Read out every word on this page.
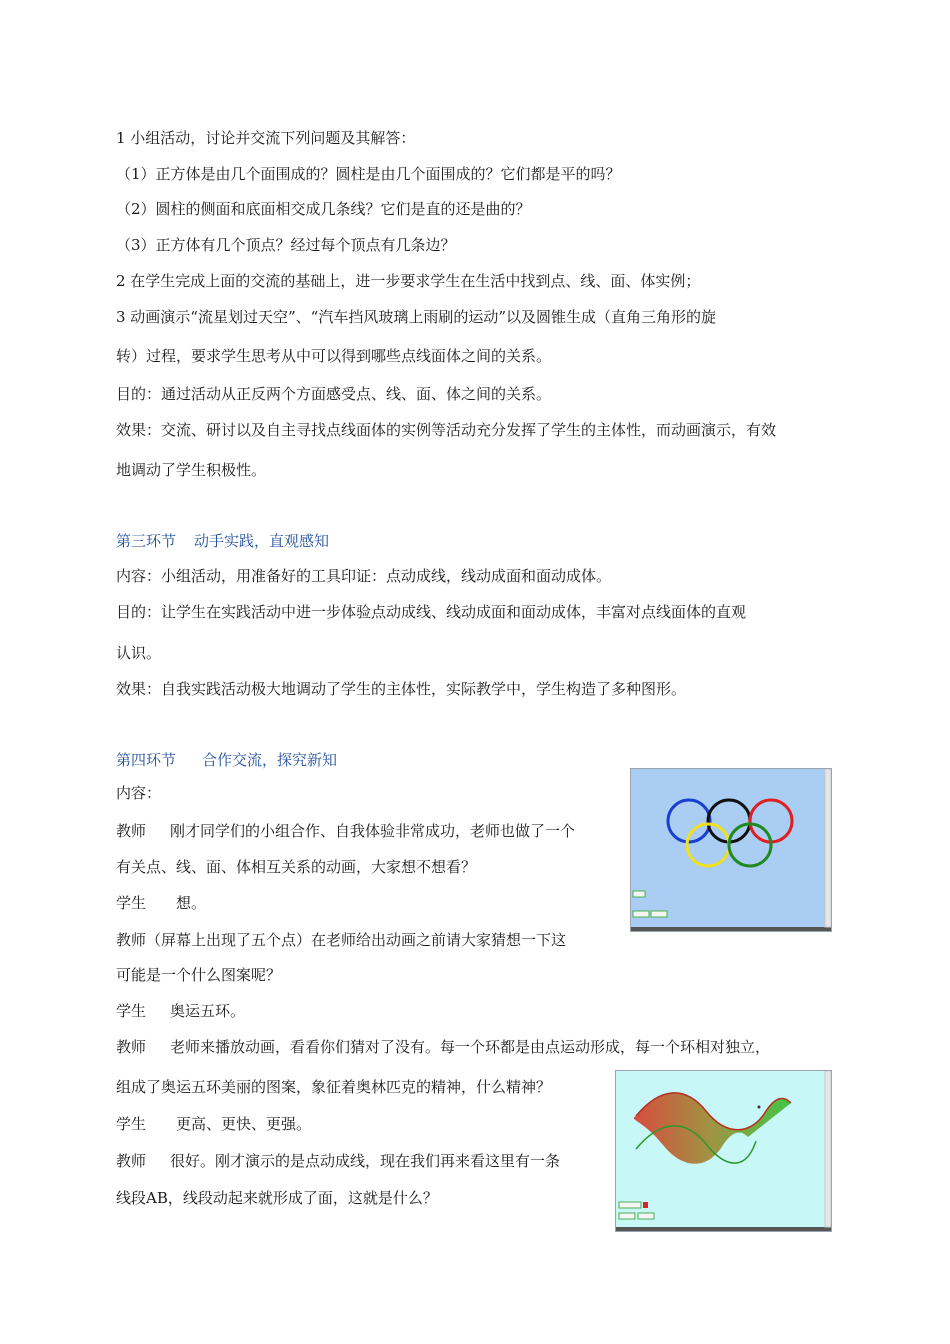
1 小组活动，讨论并交流下列问题及其解答：
（1）正方体是由几个面围成的？圆柱是由几个面围成的？它们都是平的吗？
（2）圆柱的侧面和底面相交成几条线？它们是直的还是曲的？
（3）正方体有几个顶点？经过每个顶点有几条边？
2 在学生完成上面的交流的基础上，进一步要求学生在生活中找到点、线、面、体实例；
3 动画演示“流星划过天空”、“汽车挡风玻璃上雨刷的运动”以及圆锥生成（直角三角形的旋
转）过程，要求学生思考从中可以得到哪些点线面体之间的关系。
目的：通过活动从正反两个方面感受点、线、面、体之间的关系。
效果：交流、研讨以及自主寻找点线面体的实例等活动充分发挥了学生的主体性，而动画演示，有效
地调动了学生积极性。
第三环节 动手实践，直观感知
内容：小组活动，用准备好的工具印证：点动成线，线动成面和面动成体。
目的：让学生在实践活动中进一步体验点动成线、线动成面和面动成体，丰富对点线面体的直观
认识。
效果：自我实践活动极大地调动了学生的主体性，实际教学中，学生构造了多种图形。
第四环节 合作交流，探究新知
内容：
教师 刚才同学们的小组合作、自我体验非常成功，老师也做了一个
有关点、线、面、体相互关系的动画，大家想不想看？
学生 想。
教师（屏幕上出现了五个点）在老师给出动画之前请大家猜想一下这
可能是一个什么图案呢？
学生 奥运五环。
教师 老师来播放动画，看看你们猜对了没有。每一个环都是由点运动形成，每一个环相对独立，
组成了奥运五环美丽的图案，象征着奥林匹克的精神，什么精神？
学生 更高、更快、更强。
教师 很好。刚才演示的是点动成线，现在我们再来看这里有一条
线段AB，线段动起来就形成了面，这就是什么？
